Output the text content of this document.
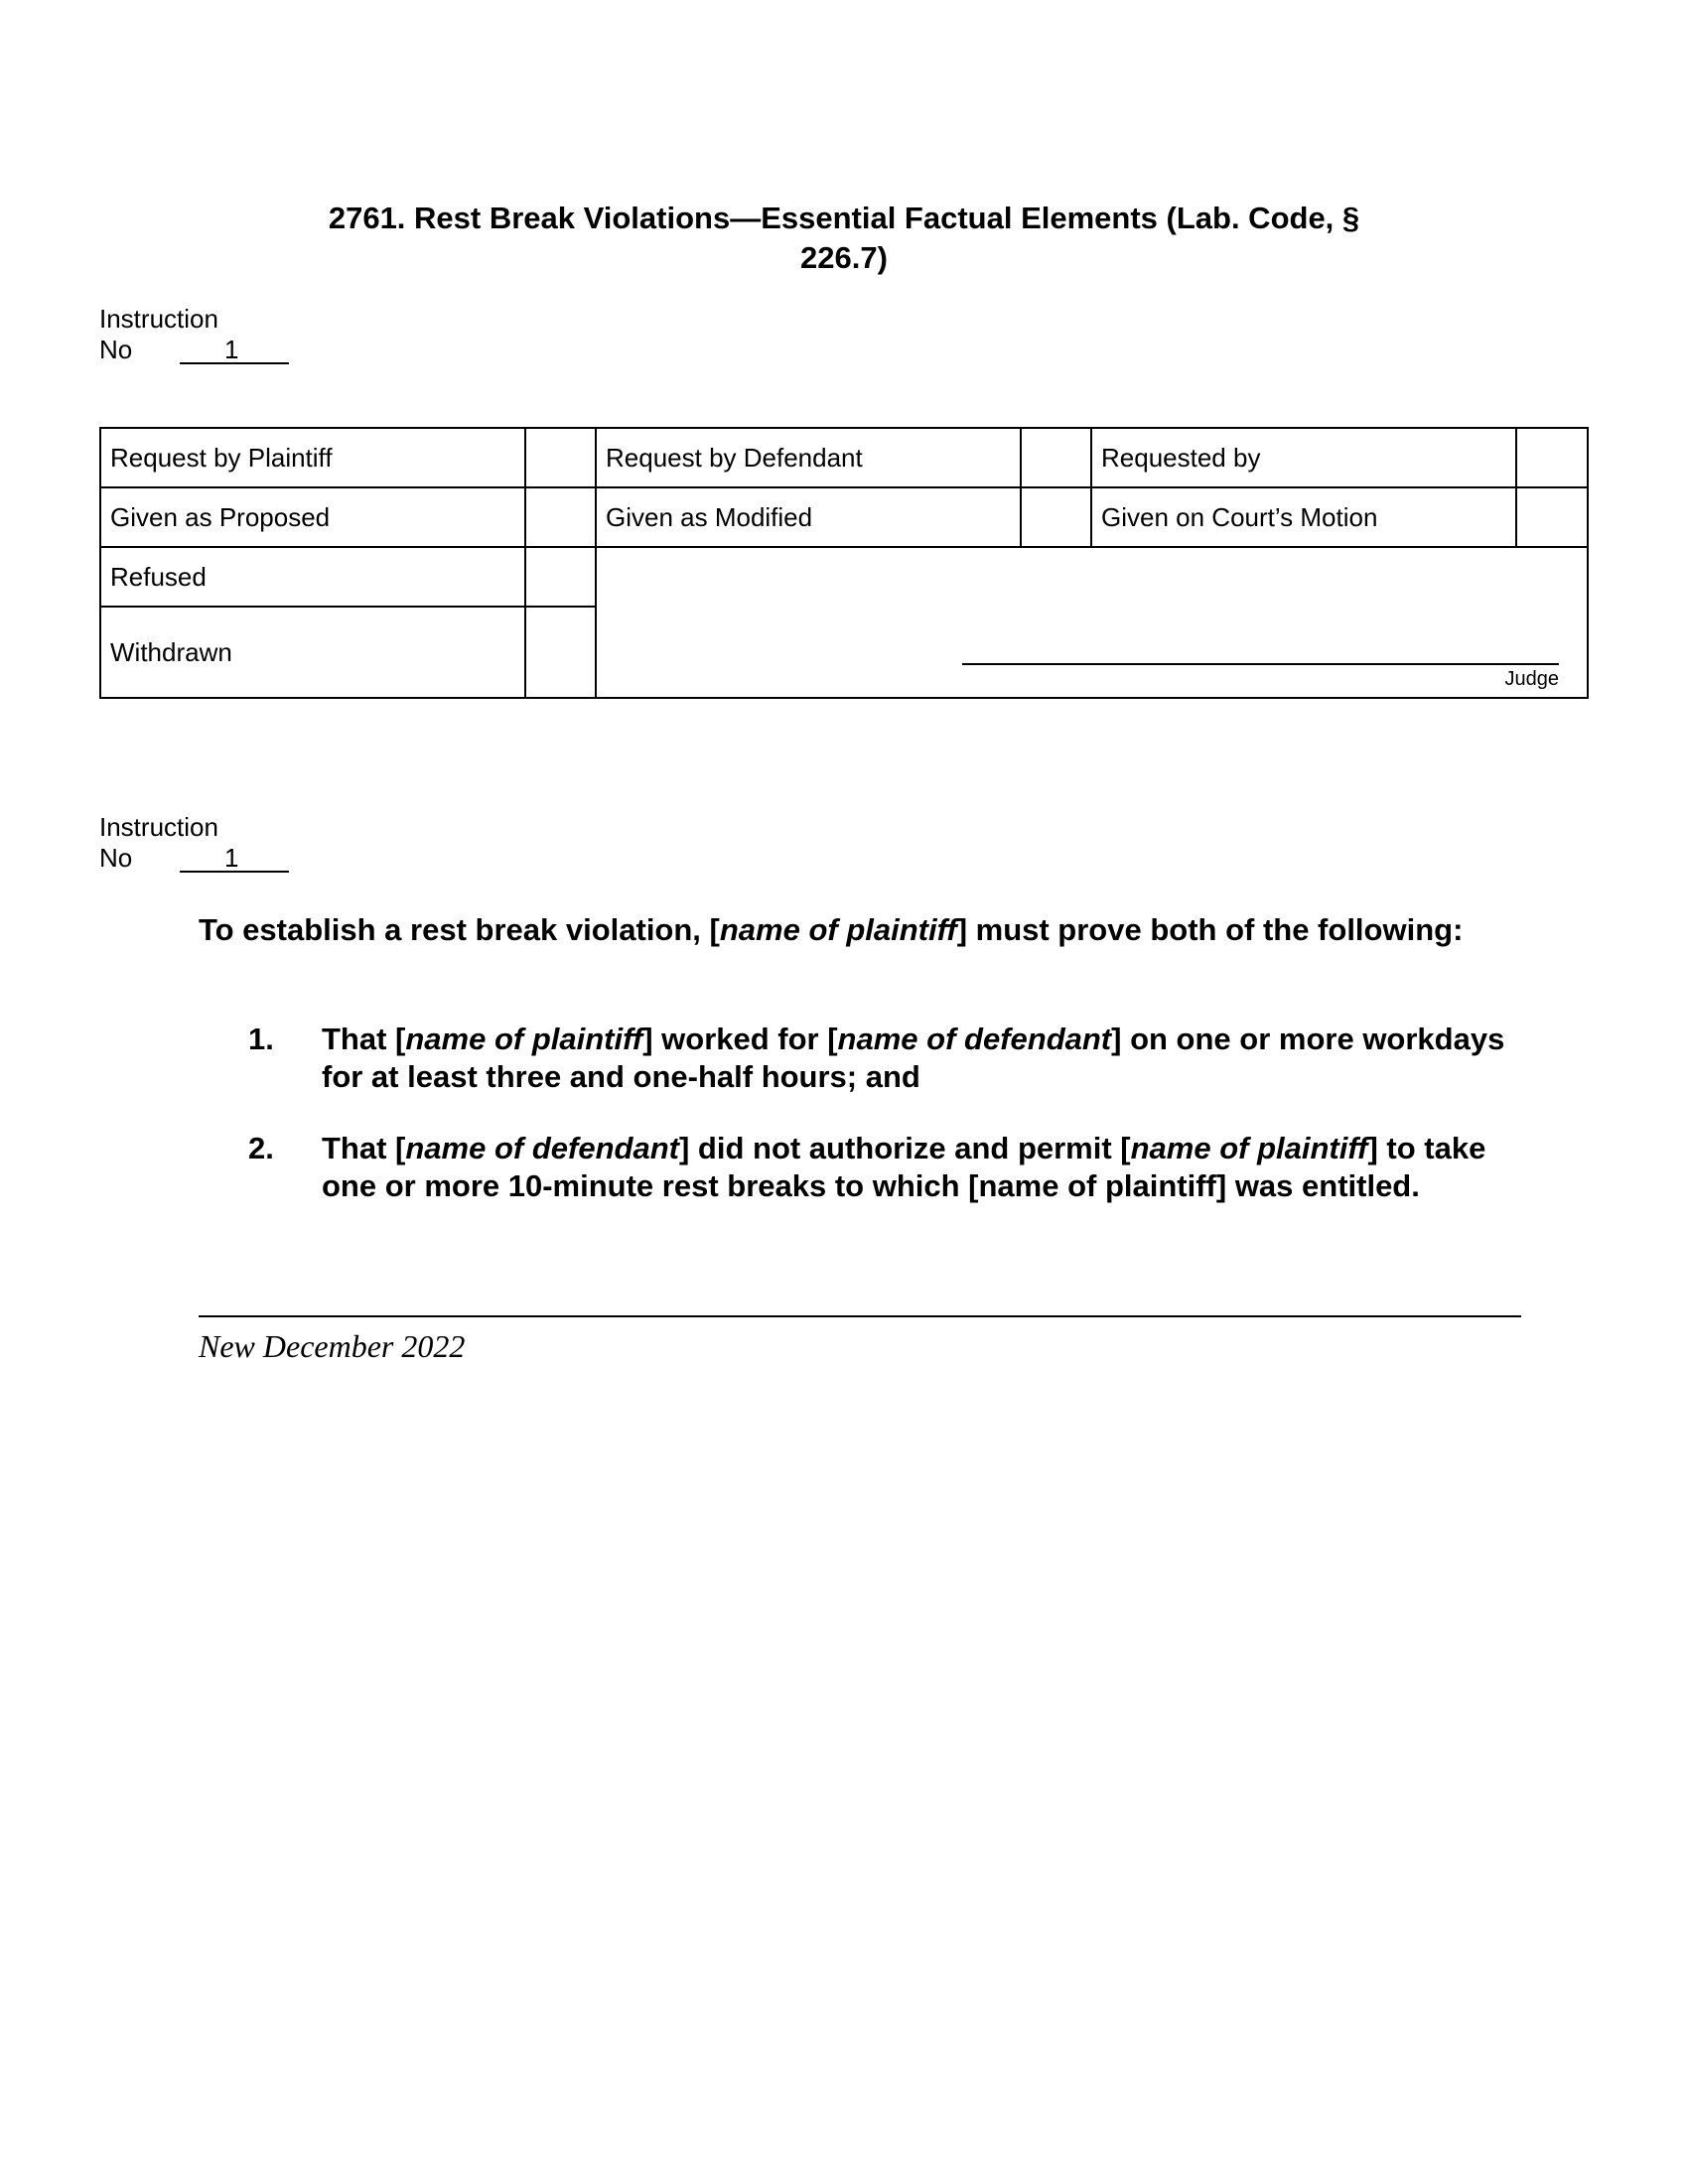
2761. Rest Break Violations—Essential Factual Elements (Lab. Code, §
226.7)
Instruction
No	1
Request by Plaintiff		Request by Defendant		Requested by	
Given as Proposed		Given as Modified		Given on Court’s Motion	
Refused		Judge			

Withdrawn					
Instruction
No	1
To establish a rest break violation, [name of plaintiff] must prove both of the following:
1. That [name of plaintiff] worked for [name of defendant] on one or more workdays for at least three and one-half hours; and
2. That [name of defendant] did not authorize and permit [name of plaintiff] to take one or more 10-minute rest breaks to which [name of plaintiff] was entitled.
New December 2022
